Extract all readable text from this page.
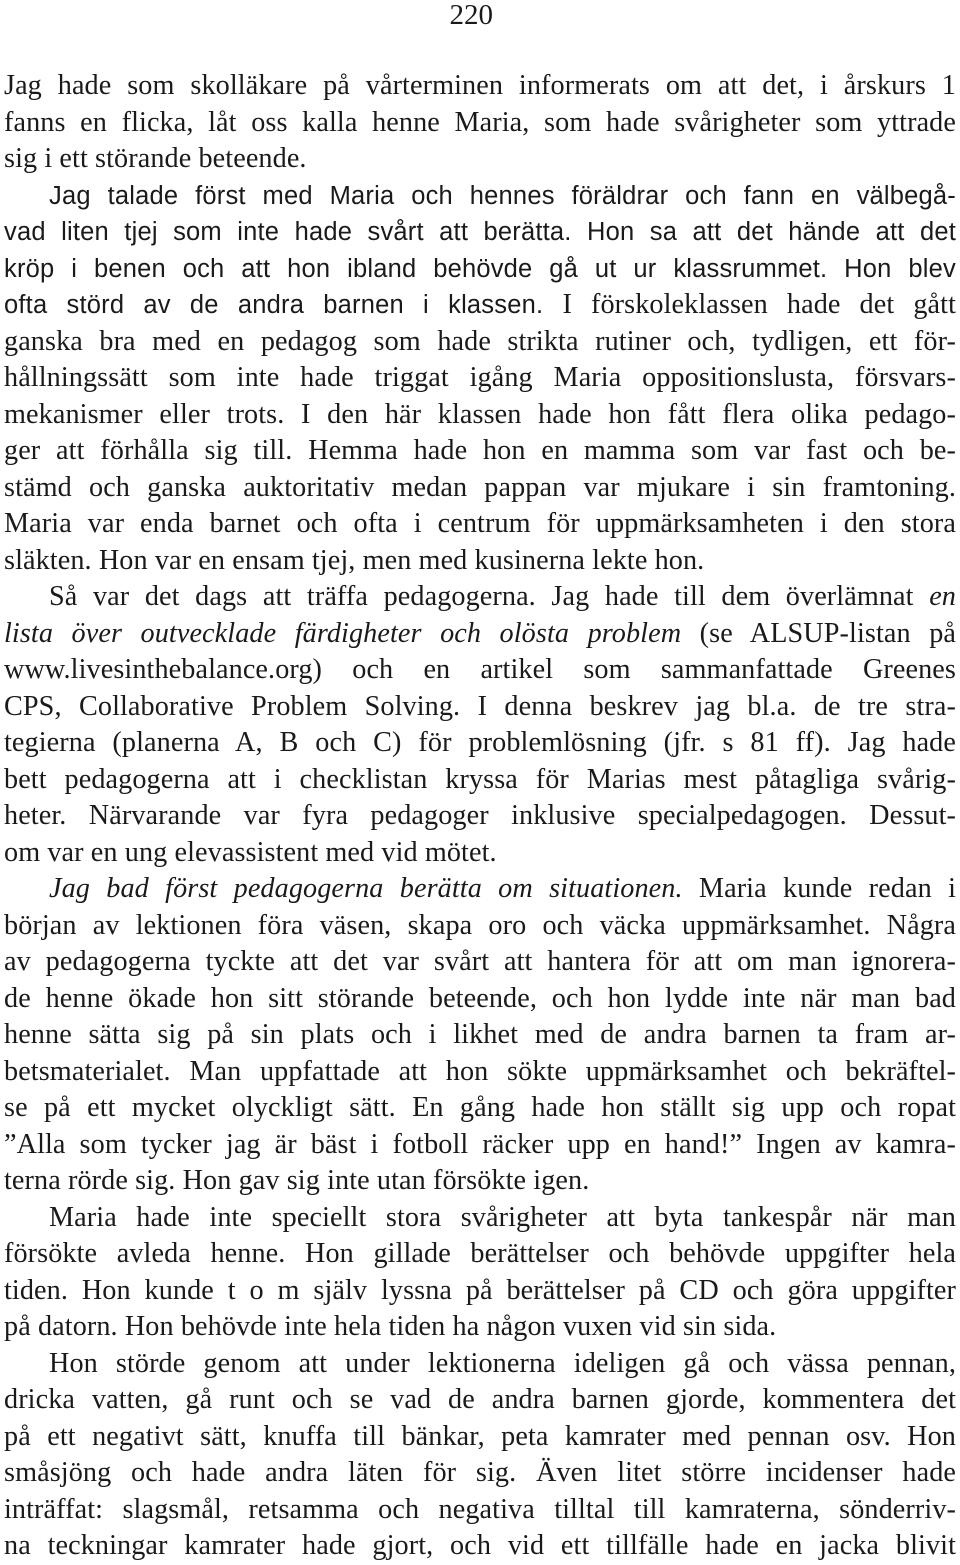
220
Jag hade som skolläkare på vårterminen informerats om att det, i årskurs 1
fanns en flicka, låt oss kalla henne Maria, som hade svårigheter som yttrade
sig i ett störande beteende.
Jag talade först med Maria och hennes föräldrar och fann en välbegå-
vad liten tjej som inte hade svårt att berätta. Hon sa att det hände att det
kröp i benen och att hon ibland behövde gå ut ur klassrummet. Hon blev
ofta störd av de andra barnen i klassen. I förskoleklassen hade det gått
ganska bra med en pedagog som hade strikta rutiner och, tydligen, ett för-
hållningssätt som inte hade triggat igång Maria oppositionslusta, försvars-
mekanismer eller trots. I den här klassen hade hon fått flera olika pedago-
ger att förhålla sig till. Hemma hade hon en mamma som var fast och be-
stämd och ganska auktoritativ medan pappan var mjukare i sin framtoning.
Maria var enda barnet och ofta i centrum för uppmärksamheten i den stora
släkten. Hon var en ensam tjej, men med kusinerna lekte hon.
Så var det dags att träffa pedagogerna. Jag hade till dem överlämnat en
lista över outvecklade färdigheter och olösta problem (se ALSUP-listan på
www.livesinthebalance.org) och en artikel som sammanfattade Greenes
CPS, Collaborative Problem Solving. I denna beskrev jag bl.a. de tre stra-
tegierna (planerna A, B och C) för problemlösning (jfr. s 81 ff). Jag hade
bett pedagogerna att i checklistan kryssa för Marias mest påtagliga svårig-
heter. Närvarande var fyra pedagoger inklusive specialpedagogen. Dessut-
om var en ung elevassistent med vid mötet.
Jag bad först pedagogerna berätta om situationen. Maria kunde redan i
början av lektionen föra väsen, skapa oro och väcka uppmärksamhet. Några
av pedagogerna tyckte att det var svårt att hantera för att om man ignorera-
de henne ökade hon sitt störande beteende, och hon lydde inte när man bad
henne sätta sig på sin plats och i likhet med de andra barnen ta fram ar-
betsmaterialet. Man uppfattade att hon sökte uppmärksamhet och bekräftel-
se på ett mycket olyckligt sätt. En gång hade hon ställt sig upp och ropat
”Alla som tycker jag är bäst i fotboll räcker upp en hand!” Ingen av kamra-
terna rörde sig. Hon gav sig inte utan försökte igen.
Maria hade inte speciellt stora svårigheter att byta tankespår när man
försökte avleda henne. Hon gillade berättelser och behövde uppgifter hela
tiden. Hon kunde t o m själv lyssna på berättelser på CD och göra uppgifter
på datorn. Hon behövde inte hela tiden ha någon vuxen vid sin sida.
Hon störde genom att under lektionerna ideligen gå och vässa pennan,
dricka vatten, gå runt och se vad de andra barnen gjorde, kommentera det
på ett negativt sätt, knuffa till bänkar, peta kamrater med pennan osv. Hon
småsjöng och hade andra läten för sig. Även litet större incidenser hade
inträffat: slagsmål, retsamma och negativa tilltal till kamraterna, sönderriv-
na teckningar kamrater hade gjort, och vid ett tillfälle hade en jacka blivit
